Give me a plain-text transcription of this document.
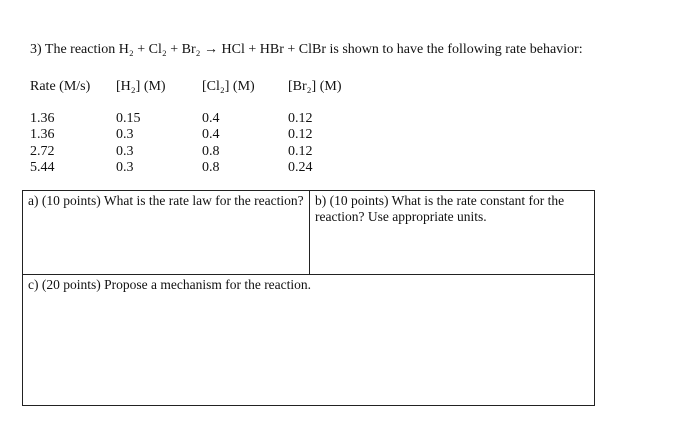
3) The reaction H₂ + Cl₂ + Br₂ → HCl + HBr + ClBr is shown to have the following rate behavior:
Rate (M/s) [H₂] (M)	[Cl₂] (M) [Br₂] (M)
1.36
1.36
2.72
5.44
0.15
0.3
0.3
0.3
0.4
0.4
0.8
0.8
0.12
0.12
0.12
0.24
a) (10 points) What is the rate law for the reaction? b) (10 points) What is the rate constant for the reaction? Use appropriate units.
c) (20 points) Propose a mechanism for the reaction.
